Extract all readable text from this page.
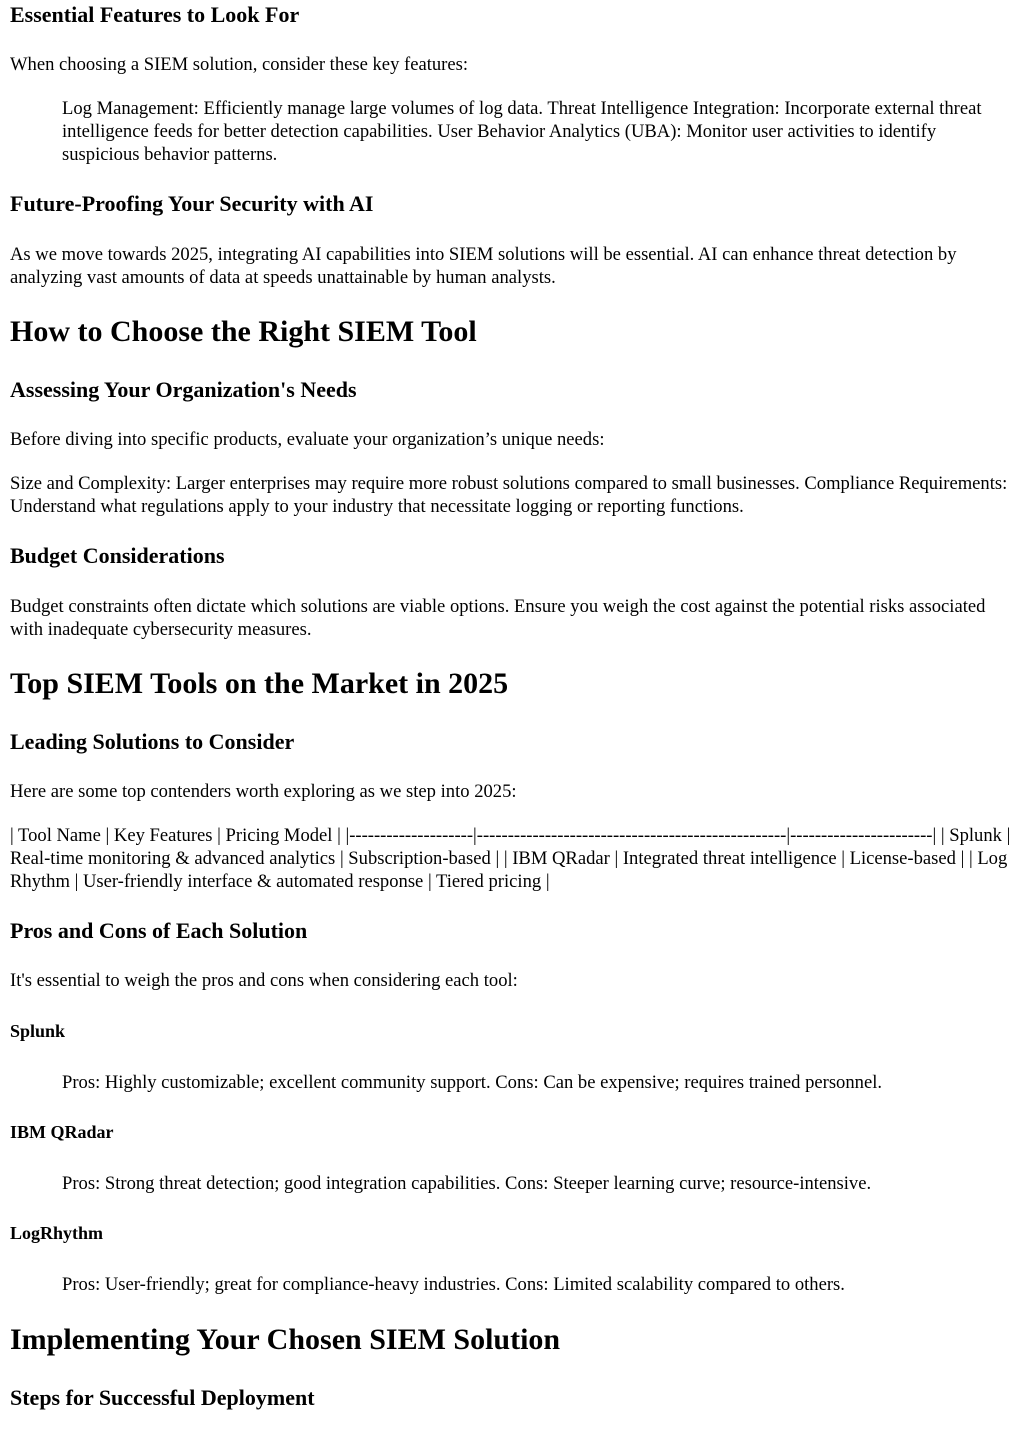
Essential Features to Look For

When choosing a SIEM solution, consider these key features:

Log Management: Efficiently manage large volumes of log data. Threat Intelligence Integration: Incorporate external threat intelligence feeds for better detection capabilities. User Behavior Analytics (UBA): Monitor user activities to identify suspicious behavior patterns.

Future-Proofing Your Security with AI

As we move towards 2025, integrating AI capabilities into SIEM solutions will be essential. AI can enhance threat detection by analyzing vast amounts of data at speeds unattainable by human analysts.

How to Choose the Right SIEM Tool
Assessing Your Organization's Needs

Before diving into specific products, evaluate your organization’s unique needs:

Size and Complexity: Larger enterprises may require more robust solutions compared to small businesses. Compliance Requirements: Understand what regulations apply to your industry that necessitate logging or reporting functions.

Budget Considerations

Budget constraints often dictate which solutions are viable options. Ensure you weigh the cost against the potential risks associated with inadequate cybersecurity measures.

Top SIEM Tools on the Market in 2025
Leading Solutions to Consider

Here are some top contenders worth exploring as we step into 2025:

| Tool Name | Key Features | Pricing Model | |--------------------|--------------------------------------------------|-----------------------| | Splunk | Real-time monitoring & advanced analytics | Subscription-based | | IBM QRadar | Integrated threat intelligence | License-based | | LogRhythm | User-friendly interface & automated response | Tiered pricing |

Pros and Cons of Each Solution

It's essential to weigh the pros and cons when considering each tool:

Splunk

Pros: Highly customizable; excellent community support. Cons: Can be expensive; requires trained personnel.

IBM QRadar

Pros: Strong threat detection; good integration capabilities. Cons: Steeper learning curve; resource-intensive.

LogRhythm

Pros: User-friendly; great for compliance-heavy industries. Cons: Limited scalability compared to others.

Implementing Your Chosen SIEM Solution
Steps for Successful Deployment
